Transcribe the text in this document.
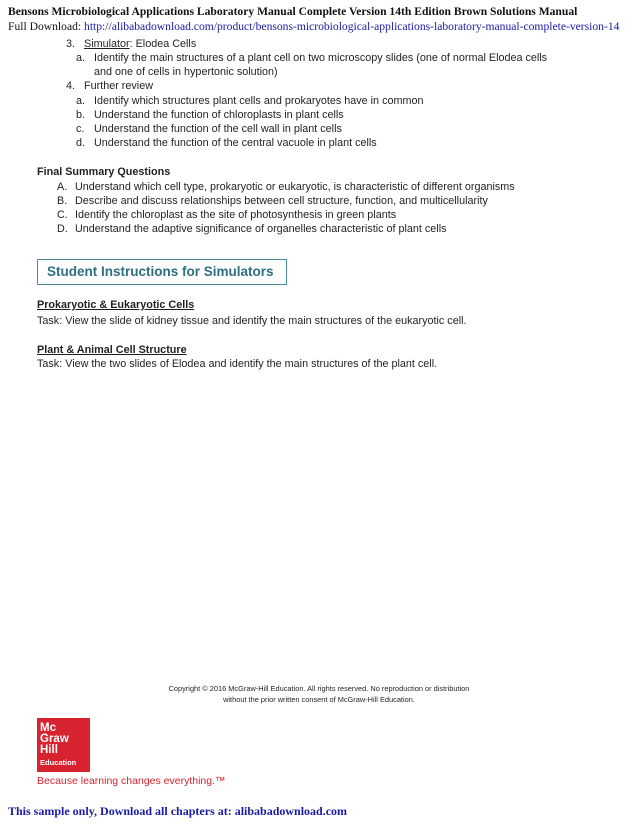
Bensons Microbiological Applications Laboratory Manual Complete Version 14th Edition Brown Solutions Manual
Full Download: http://alibabadownload.com/product/bensons-microbiological-applications-laboratory-manual-complete-version-14
3. Simulator: Elodea Cells
a. Identify the main structures of a plant cell on two microscopy slides (one of normal Elodea cells
and one of cells in hypertonic solution)
4. Further review
a. Identify which structures plant cells and prokaryotes have in common
b. Understand the function of chloroplasts in plant cells
c. Understand the function of the cell wall in plant cells
d. Understand the function of the central vacuole in plant cells
Final Summary Questions
A. Understand which cell type, prokaryotic or eukaryotic, is characteristic of different organisms
B. Describe and discuss relationships between cell structure, function, and multicellularity
C. Identify the chloroplast as the site of photosynthesis in green plants
D. Understand the adaptive significance of organelles characteristic of plant cells
Student Instructions for Simulators
Prokaryotic & Eukaryotic Cells
Task: View the slide of kidney tissue and identify the main structures of the eukaryotic cell.
Plant & Animal Cell Structure
Task: View the two slides of Elodea and identify the main structures of the plant cell.
Copyright © 2016 McGraw-Hill Education. All rights reserved. No reproduction or distribution
without the prior written consent of McGraw-Hill Education.
Mc
Graw
Hill
Education
Because learning changes everything.™
This sample only, Download all chapters at: alibabadownload.com
